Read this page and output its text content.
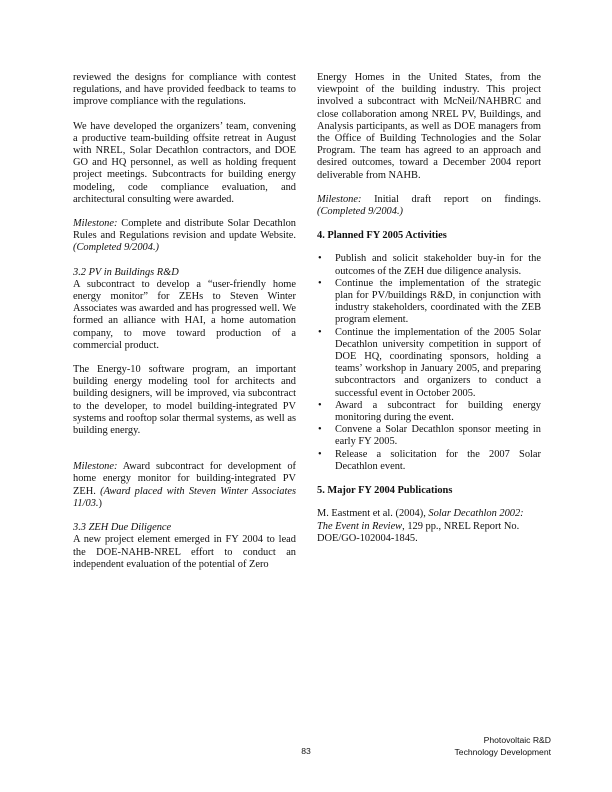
reviewed the designs for compliance with contest regulations, and have provided feedback to teams to improve compliance with the regulations.

We have developed the organizers’ team, convening a productive team-building offsite retreat in August with NREL, Solar Decathlon contractors, and DOE GO and HQ personnel, as well as holding frequent project meetings. Subcontracts for building energy modeling, code compliance evaluation, and architectural consulting were awarded.

Milestone: Complete and distribute Solar Decathlon Rules and Regulations revision and update Website. (Completed 9/2004.)

3.2 PV in Buildings R&D

A subcontract to develop a “user-friendly home energy monitor” for ZEHs to Steven Winter Associates was awarded and has progressed well. We formed an alliance with HAI, a home automation company, to move toward production of a commercial product.

The Energy-10 software program, an important building energy modeling tool for architects and building designers, will be improved, via subcontract to the developer, to model building-integrated PV systems and rooftop solar thermal systems, as well as building energy.

Milestone: Award subcontract for development of home energy monitor for building-integrated PV ZEH. (Award placed with Steven Winter Associates 11/03.)

3.3 ZEH Due Diligence

A new project element emerged in FY 2004 to lead the DOE-NAHB-NREL effort to conduct an independent evaluation of the potential of Zero

Energy Homes in the United States, from the viewpoint of the building industry. This project involved a subcontract with McNeil/NAHBRC and close collaboration among NREL PV, Buildings, and Analysis participants, as well as DOE managers from the Office of Building Technologies and the Solar Program. The team has agreed to an approach and desired outcomes, toward a December 2004 report deliverable from NAHB.

Milestone: Initial draft report on findings. (Completed 9/2004.)

4. Planned FY 2005 Activities

• Publish and solicit stakeholder buy-in for the outcomes of the ZEH due diligence analysis.
• Continue the implementation of the strategic plan for PV/buildings R&D, in conjunction with industry stakeholders, coordinated with the ZEB program element.
• Continue the implementation of the 2005 Solar Decathlon university competition in support of DOE HQ, coordinating sponsors, holding a teams’ workshop in January 2005, and preparing subcontractors and organizers to conduct a successful event in October 2005.
• Award a subcontract for building energy monitoring during the event.
• Convene a Solar Decathlon sponsor meeting in early FY 2005.
• Release a solicitation for the 2007 Solar Decathlon event.

5. Major FY 2004 Publications

M. Eastment et al. (2004), Solar Decathlon 2002: The Event in Review, 129 pp., NREL Report No. DOE/GO-102004-1845.

83
Photovoltaic R&D
Technology Development
